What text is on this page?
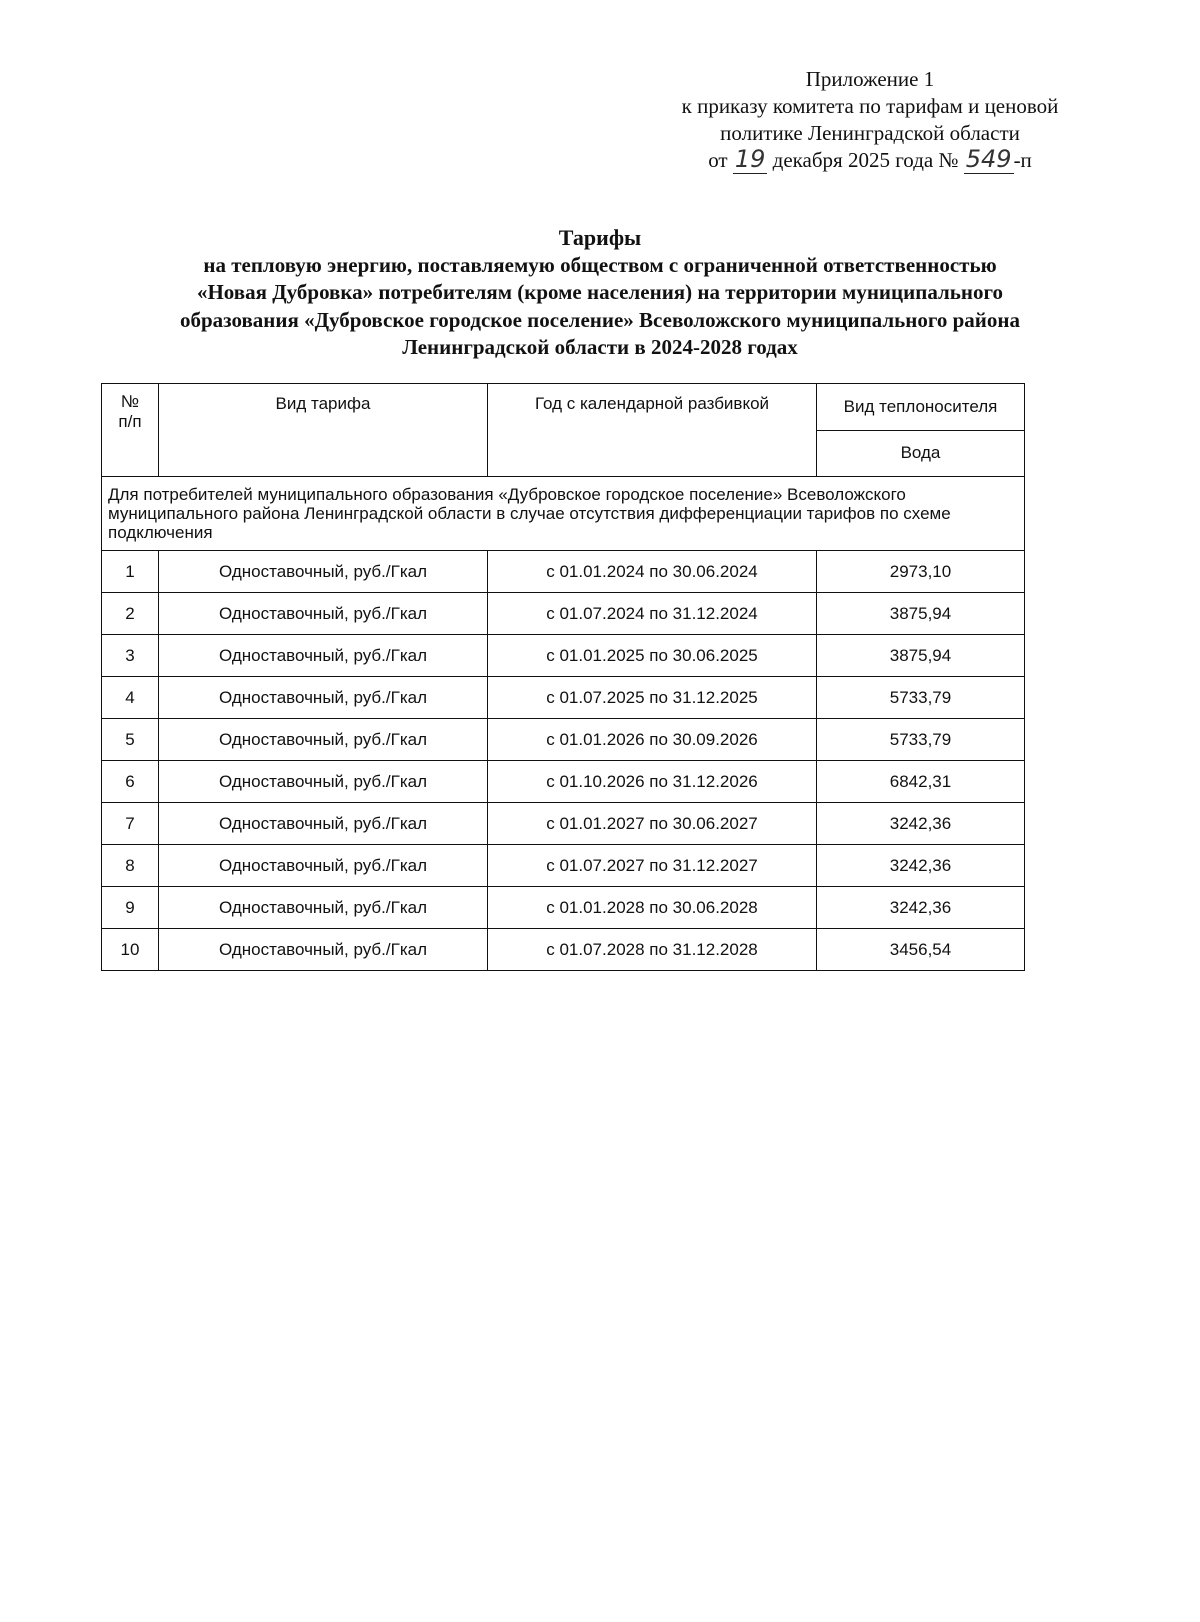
Приложение 1
к приказу комитета по тарифам и ценовой
политике Ленинградской области
от 19 декабря 2025 года № 549-п
Тарифы
на тепловую энергию, поставляемую обществом с ограниченной ответственностью
«Новая Дубровка» потребителям (кроме населения) на территории муниципального
образования «Дубровское городское поселение» Всеволожского муниципального района
Ленинградской области в 2024-2028 годах
№
п/п	Вид тарифа	Год с календарной разбивкой	Вид теплоносителя
			Вода
Для потребителей муниципального образования «Дубровское городское поселение» Всеволожского муниципального района Ленинградской области в случае отсутствия дифференциации тарифов по схеме подключения			
1	Одноставочный, руб./Гкал	с 01.01.2024 по 30.06.2024	2973,10
2	Одноставочный, руб./Гкал	с 01.07.2024 по 31.12.2024	3875,94
3	Одноставочный, руб./Гкал	с 01.01.2025 по 30.06.2025	3875,94
4	Одноставочный, руб./Гкал	с 01.07.2025 по 31.12.2025	5733,79
5	Одноставочный, руб./Гкал	с 01.01.2026 по 30.09.2026	5733,79
6	Одноставочный, руб./Гкал	с 01.10.2026 по 31.12.2026	6842,31
7	Одноставочный, руб./Гкал	с 01.01.2027 по 30.06.2027	3242,36
8	Одноставочный, руб./Гкал	с 01.07.2027 по 31.12.2027	3242,36
9	Одноставочный, руб./Гкал	с 01.01.2028 по 30.06.2028	3242,36
10	Одноставочный, руб./Гкал	с 01.07.2028 по 31.12.2028	3456,54
